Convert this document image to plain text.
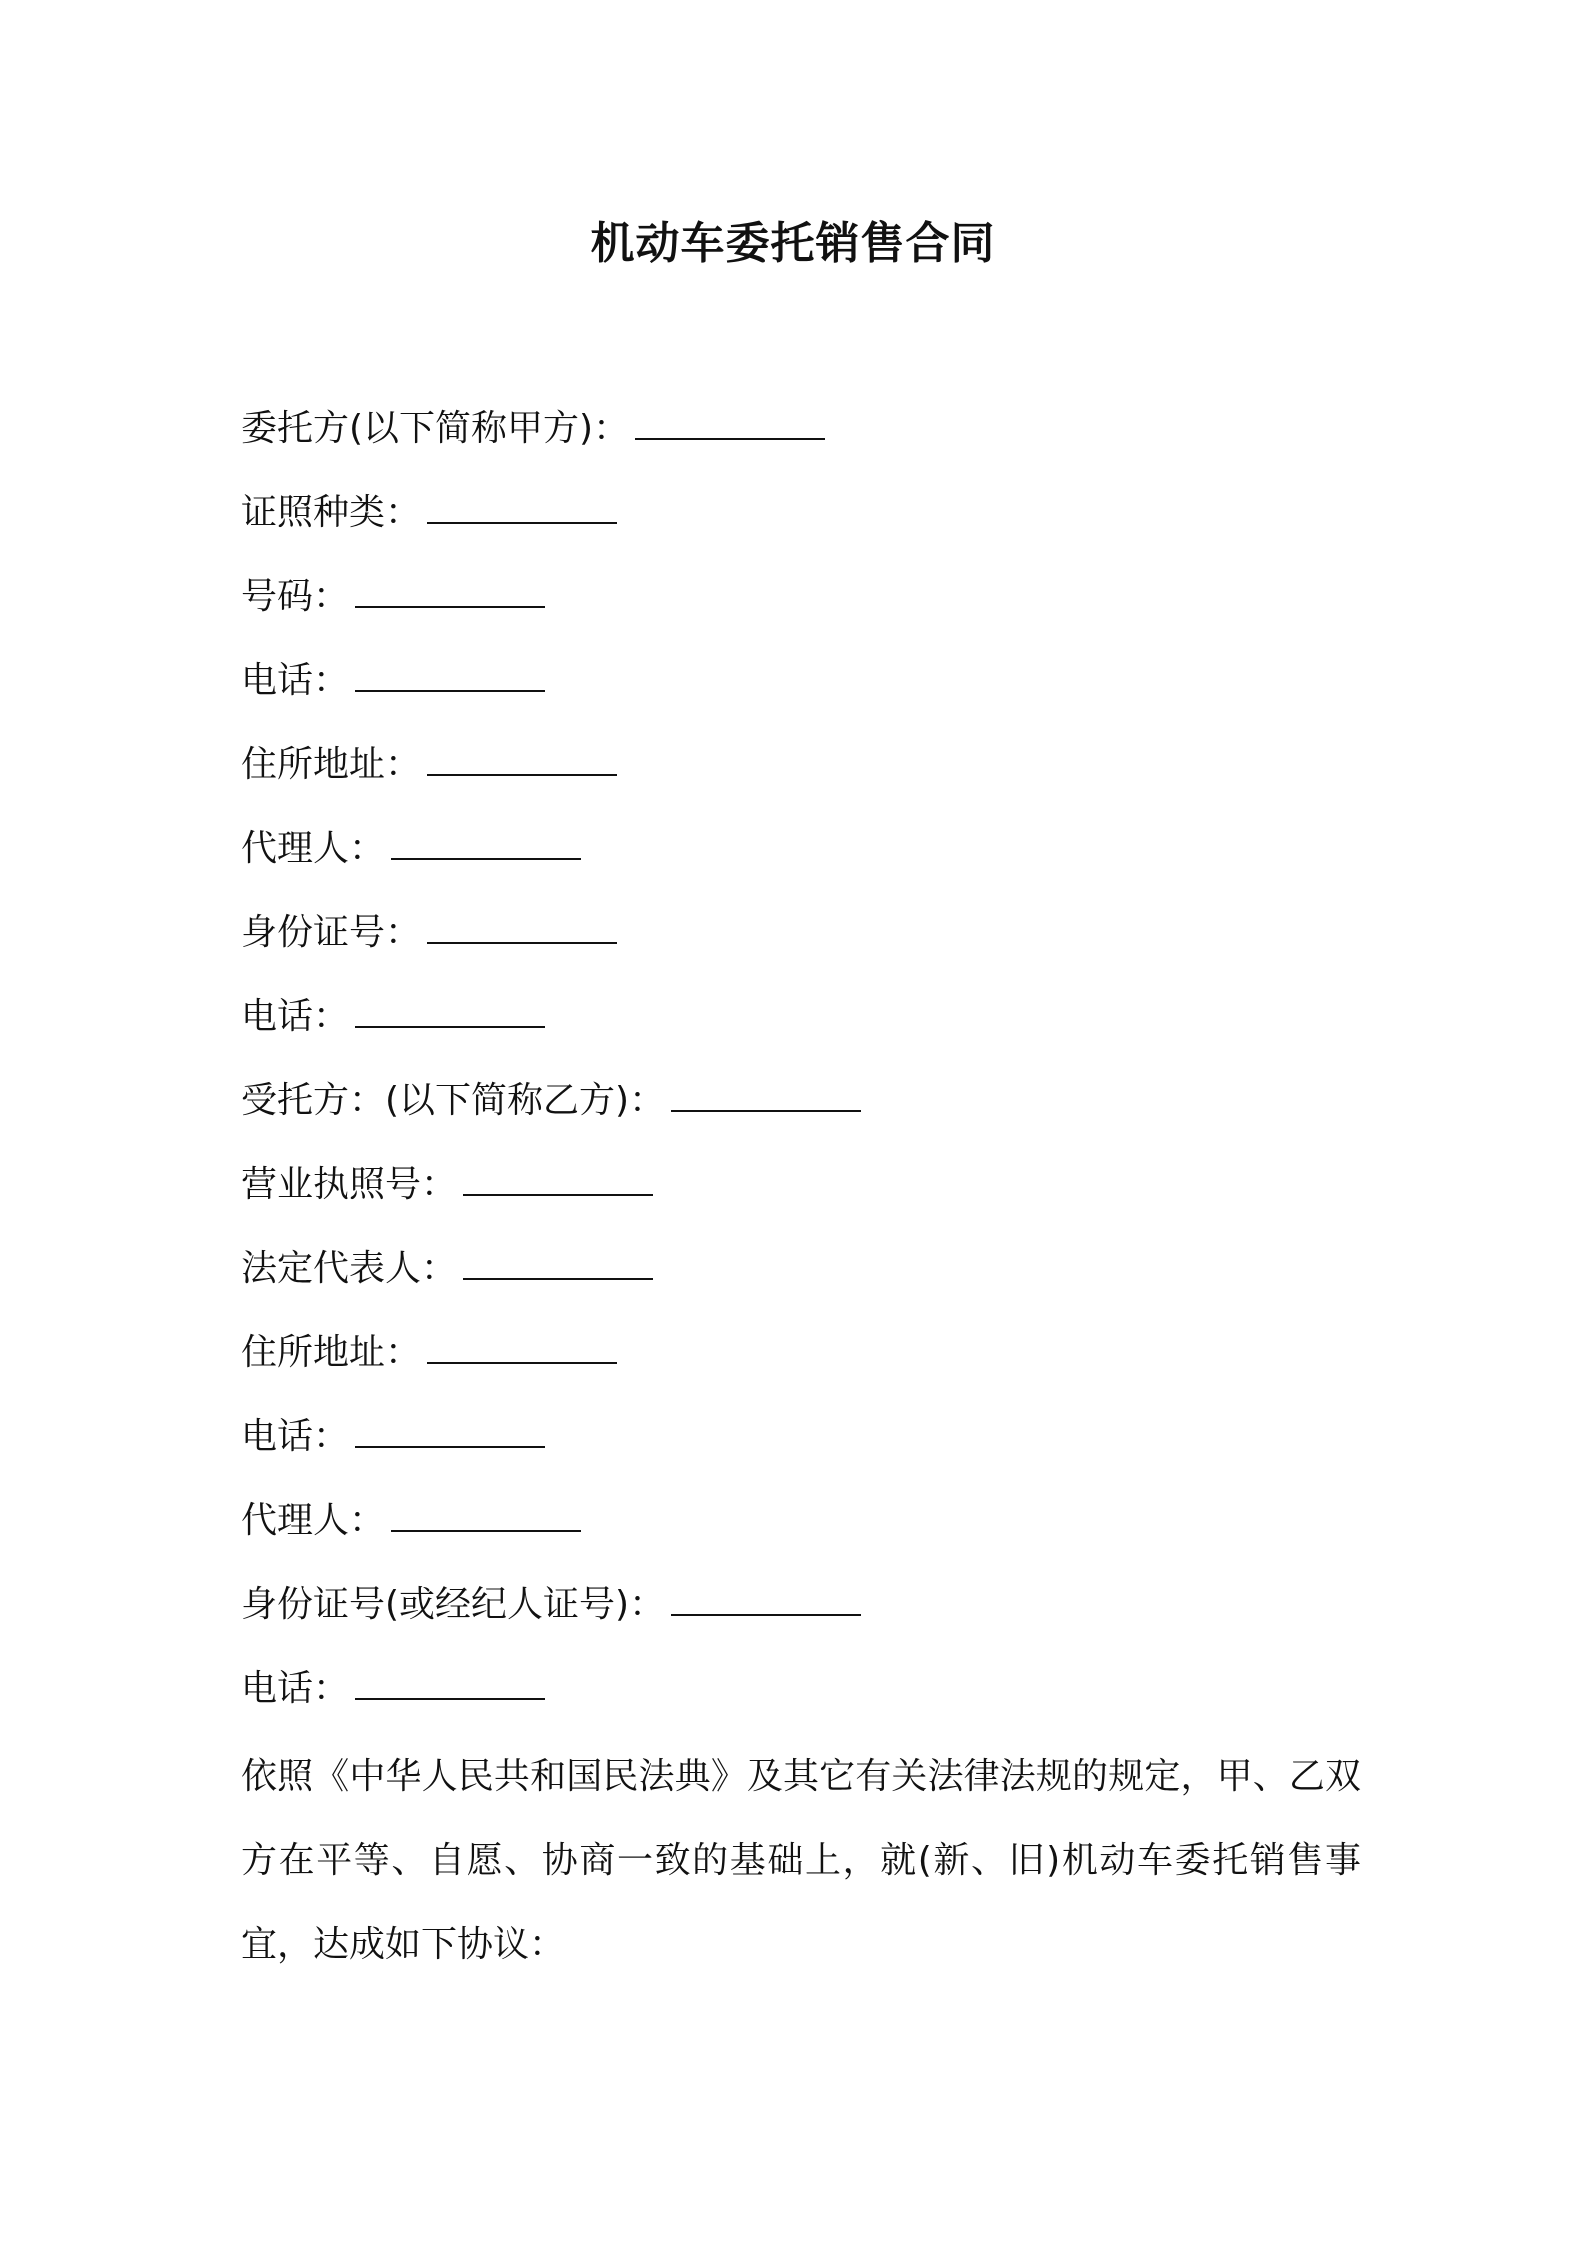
机动车委托销售合同
委托方(以下简称甲方)：
证照种类：
号码：
电话：
住所地址：
代理人：
身份证号：
电话：
受托方：(以下简称乙方)：
营业执照号：
法定代表人：
住所地址：
电话：
代理人：
身份证号(或经纪人证号)：
电话：
依照《中华人民共和国民法典》及其它有关法律法规的规定，甲、乙双方在平等、自愿、协商一致的基础上，就(新、旧)机动车委托销售事宜，达成如下协议：
